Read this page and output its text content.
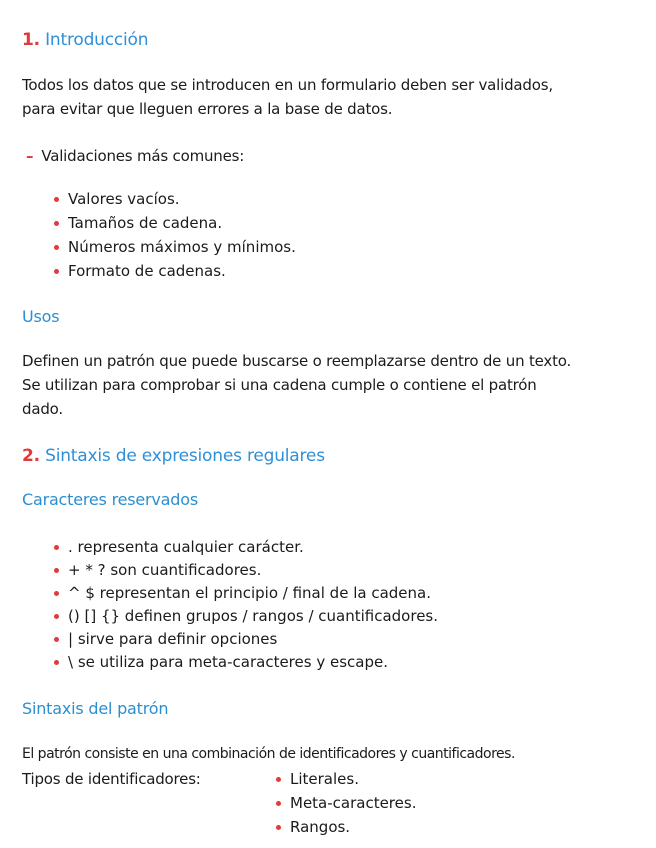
1. Introducción
Todos los datos que se introducen en un formulario deben ser validados,
para evitar que lleguen errores a la base de datos.
– Validaciones más comunes:
Valores vacíos.
Tamaños de cadena.
Números máximos y mínimos.
Formato de cadenas.
Usos
Definen un patrón que puede buscarse o reemplazarse dentro de un texto.
Se utilizan para comprobar si una cadena cumple o contiene el patrón
dado.
2. Sintaxis de expresiones regulares
Caracteres reservados
. representa cualquier carácter.
+ * ? son cuantificadores.
^ $ representan el principio / final de la cadena.
() [] {} definen grupos / rangos / cuantificadores.
| sirve para definir opciones
\ se utiliza para meta-caracteres y escape.
Sintaxis del patrón
El patrón consiste en una combinación de identificadores y cuantificadores.
Tipos de identificadores:	Literales.
Meta-caracteres.
Rangos.
